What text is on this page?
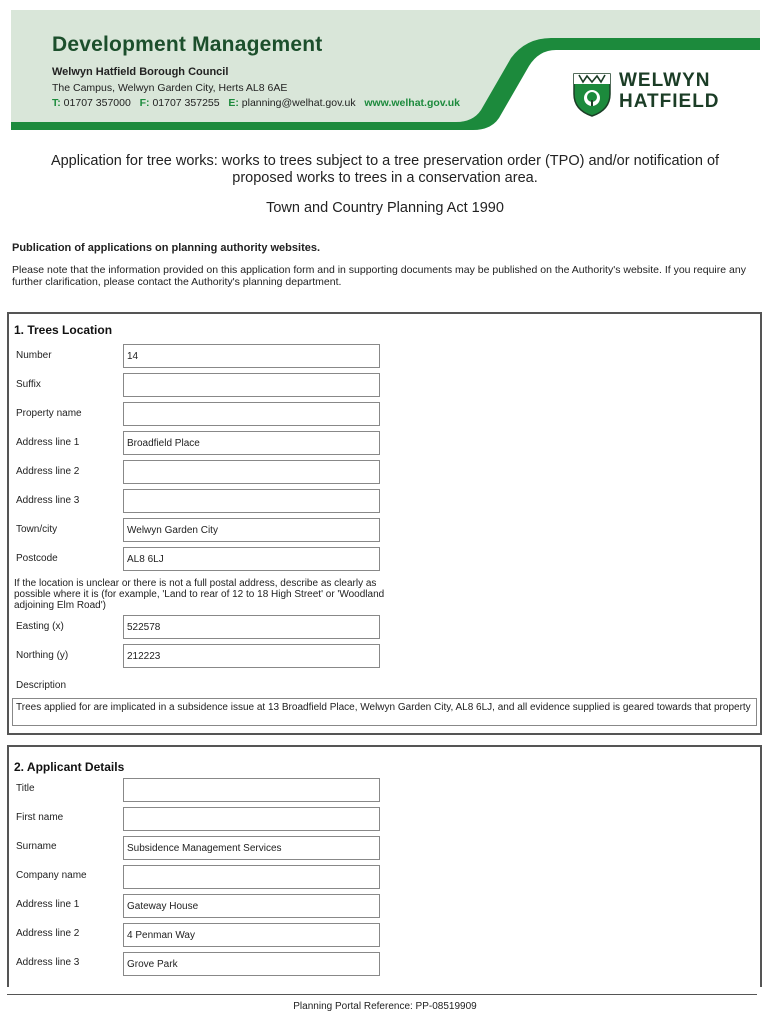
Development Management
Welwyn Hatfield Borough Council
The Campus, Welwyn Garden City, Herts AL8 6AE
T: 01707 357000 F: 01707 357255 E: planning@welhat.gov.uk www.welhat.gov.uk
WELWYN
HATFIELD
Application for tree works: works to trees subject to a tree preservation order (TPO) and/or notification of proposed works to trees in a conservation area.
Town and Country Planning Act 1990
Publication of applications on planning authority websites.
Please note that the information provided on this application form and in supporting documents may be published on the Authority's website. If you require any further clarification, please contact the Authority's planning department.
1. Trees Location
Number	14
Suffix
Property name
Address line 1	Broadfield Place
Address line 2
Address line 3
Town/city	Welwyn Garden City
Postcode	AL8 6LJ
If the location is unclear or there is not a full postal address, describe as clearly as possible where it is (for example, 'Land to rear of 12 to 18 High Street' or 'Woodland adjoining Elm Road')
Easting (x)	522578
Northing (y)	212223
Description
Trees applied for are implicated in a subsidence issue at 13 Broadfield Place, Welwyn Garden City, AL8 6LJ, and all evidence supplied is geared towards that property
2. Applicant Details
Title
First name
Surname	Subsidence Management Services
Company name
Address line 1	Gateway House
Address line 2	4 Penman Way
Address line 3	Grove Park
Planning Portal Reference: PP-08519909
